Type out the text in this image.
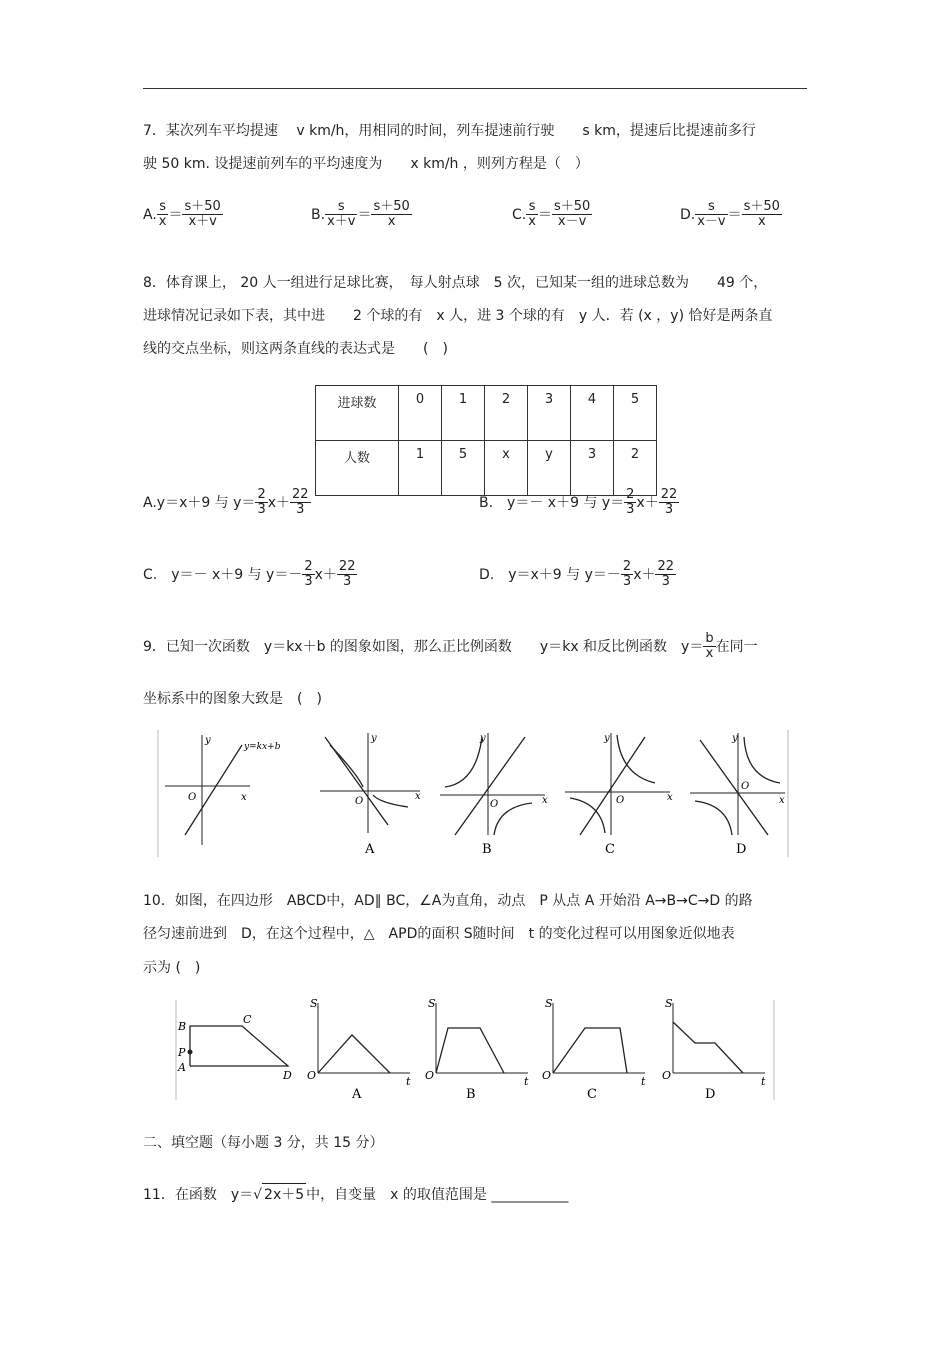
7．某次列车平均提速　 v km/h，用相同的时间，列车提速前行驶　　s km，提速后比提速前多行
驶 50 km. 设提速前列车的平均速度为　　x km/h ，则列方程是（　）
A. $\frac{s}{x} = \frac{s+50}{x+v}$	B. $\frac{s}{x+v} = \frac{s+50}{x}$	C. $\frac{s}{x} = \frac{s+50}{x-v}$	D. $\frac{s}{x-v} = \frac{s+50}{x}$
8．体育课上， 20 人一组进行足球比赛，　每人射点球　5 次，已知某一组的进球总数为　　49 个，
进球情况记录如下表，其中进　　2 个球的有　x 人，进 3 个球的有　y 人．若 (x ，y) 恰好是两条直
线的交点坐标，则这两条直线的表达式是　　(　)
进球数	0	1	2	3	4	5
人数	1	5	x	y	3	2
A.y＝x＋9 与 $y= \frac{2}{3} x+ \frac{22}{3}$	B.　y＝－ x＋9 与 $y= \frac{2}{3} x+ \frac{22}{3}$
C.　y＝－ x＋9 与 $y=- \frac{2}{3} x+ \frac{22}{3}$	D.　y＝x＋9 与 $y=- \frac{2}{3} x+ \frac{22}{3}$
9．已知一次函数　y＝kx＋b 的图象如图，那么正比例函数　　y＝kx 和反比例函数　$y= \frac{b}{x}$ 在同一
坐标系中的图象大致是　(　)
y
x
O
y=kx+b
y
x
O
A
y
x
O
B
y
x
O
C
y
x
O
D
10．如图，在四边形　ABCD中，AD∥ BC，∠A为直角，动点　P 从点 A 开始沿 A→B→C→D 的路
径匀速前进到　D，在这个过程中，△　APD的面积 S随时间　t 的变化过程可以用图象近似地表
示为 (　)
B
C
P
A
D
S
t
O
A
S
t
O
B
S
t
O
C
S
t
O
D
二、填空题（每小题 3 分，共 15 分）
11．在函数　y＝√ 2x＋5 中，自变量　x 的取值范围是 ___________
